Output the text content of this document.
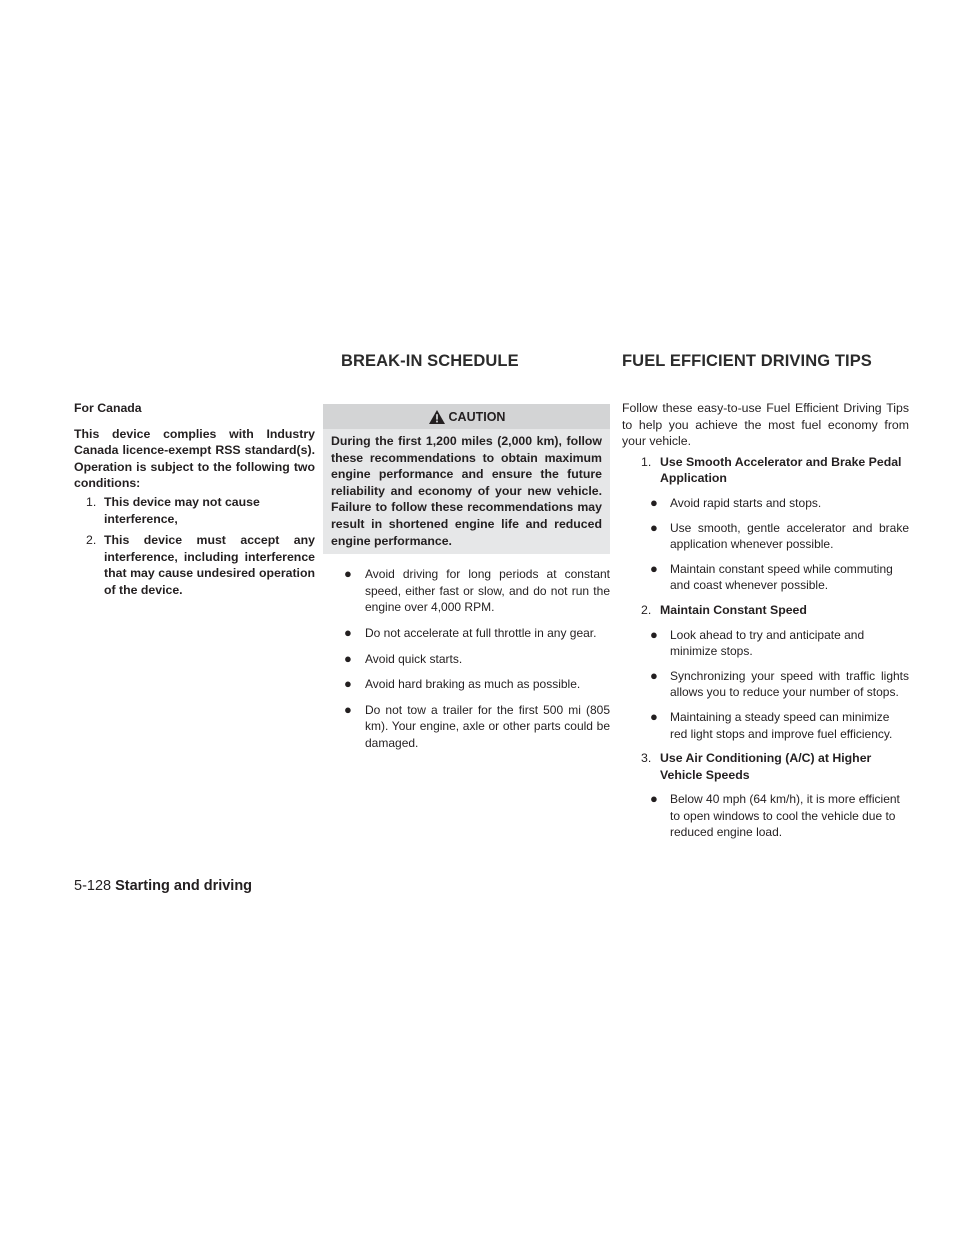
BREAK-IN SCHEDULE	FUEL EFFICIENT DRIVING TIPS

For Canada

This device complies with Industry Canada licence-exempt RSS standard(s). Operation is subject to the following two conditions:

1. This device may not cause interference,
2. This device must accept any interference, including interference that may cause undesired operation of the device.
CAUTION
During the first 1,200 miles (2,000 km), follow these recommendations to obtain maximum engine performance and ensure the future reliability and economy of your new vehicle. Failure to follow these recommendations may result in shortened engine life and reduced engine performance.
● Avoid driving for long periods at constant speed, either fast or slow, and do not run the engine over 4,000 RPM.
● Do not accelerate at full throttle in any gear.
● Avoid quick starts.
● Avoid hard braking as much as possible.
● Do not tow a trailer for the first 500 mi (805 km). Your engine, axle or other parts could be damaged.

Follow these easy-to-use Fuel Efficient Driving Tips to help you achieve the most fuel economy from your vehicle.

1. Use Smooth Accelerator and Brake Pedal Application
● Avoid rapid starts and stops.
● Use smooth, gentle accelerator and brake application whenever possible.
● Maintain constant speed while commuting and coast whenever possible.
2. Maintain Constant Speed
● Look ahead to try and anticipate and minimize stops.
● Synchronizing your speed with traffic lights allows you to reduce your number of stops.
● Maintaining a steady speed can minimize red light stops and improve fuel efficiency.
3. Use Air Conditioning (A/C) at Higher Vehicle Speeds
● Below 40 mph (64 km/h), it is more efficient to open windows to cool the vehicle due to reduced engine load.
5-128 Starting and driving
